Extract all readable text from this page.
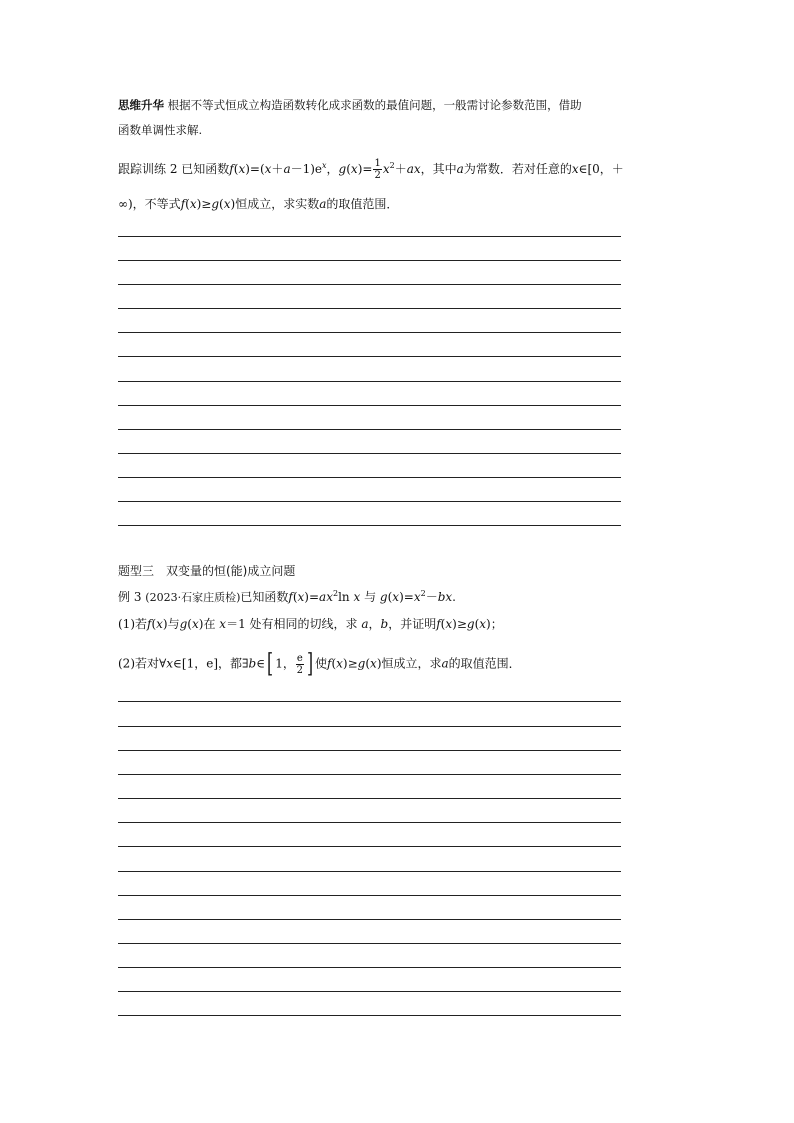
思维升华 根据不等式恒成立构造函数转化成求函数的最值问题，一般需讨论参数范围，借助
函数单调性求解.
跟踪训练 2 已知函数$f(x)=(x+a-1)e^x$，$g(x)= \frac{1}{2} x^2+ax$，其中a为常数．若对任意的x∈[0，＋
∞)，不等式f(x)≥g(x)恒成立，求实数a的取值范围．
题型三　双变量的恒(能)成立问题
例 3 (2023·石家庄质检)已知函数$f(x)=ax^2\ln$ x 与 $g(x)=x^2-bx$.
(1)若f(x)与g(x)在 x＝1 处有相同的切线，求 a，b，并证明f(x)≥g(x)；
(2)若对∀x∈[1，e]，都∃b∈[ 1， $\frac{e}{2}$ ] 使f(x)≥g(x)恒成立，求a的取值范围．
